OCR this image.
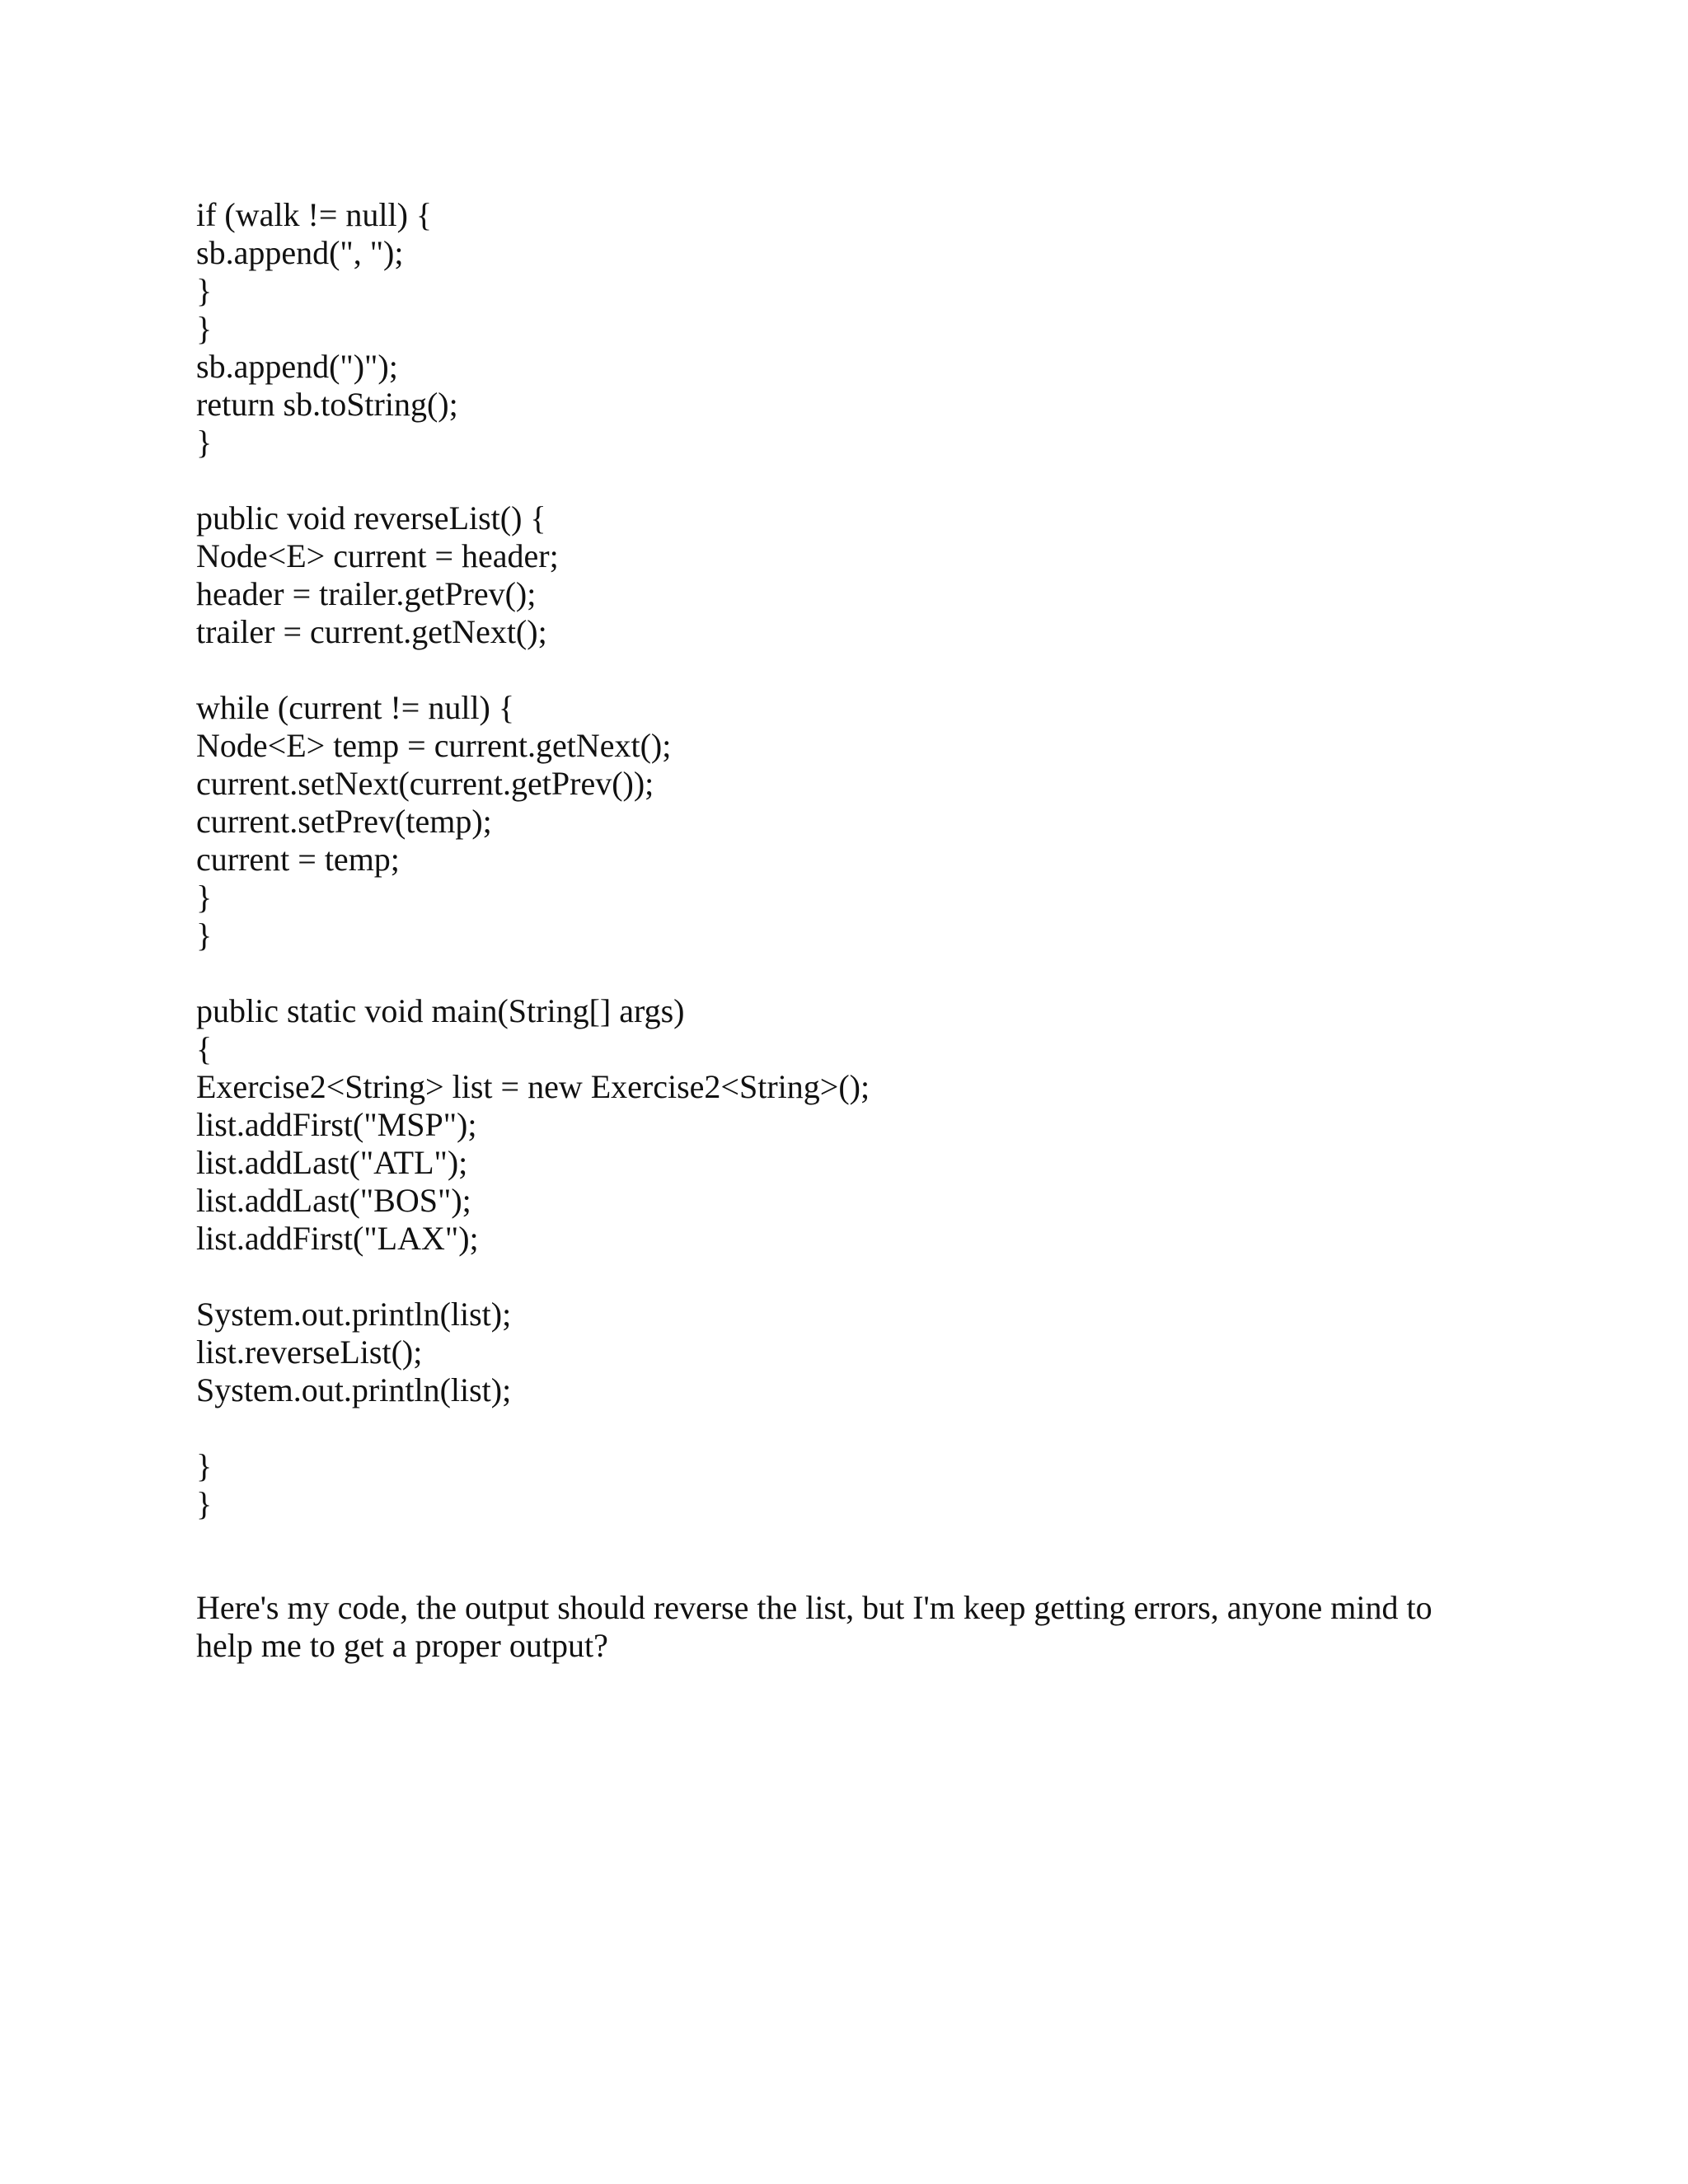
if (walk != null) {
sb.append(", ");
}
}
sb.append(")");
return sb.toString();
}
public void reverseList() {
Node<E> current = header;
header = trailer.getPrev();
trailer = current.getNext();
while (current != null) {
Node<E> temp = current.getNext();
current.setNext(current.getPrev());
current.setPrev(temp);
current = temp;
}
}
public static void main(String[] args)
{
Exercise2<String> list = new Exercise2<String>();
list.addFirst("MSP");
list.addLast("ATL");
list.addLast("BOS");
list.addFirst("LAX");
System.out.println(list);
list.reverseList();
System.out.println(list);
}
}

Here's my code, the output should reverse the list, but I'm keep getting errors, anyone mind to help me to get a proper output?
